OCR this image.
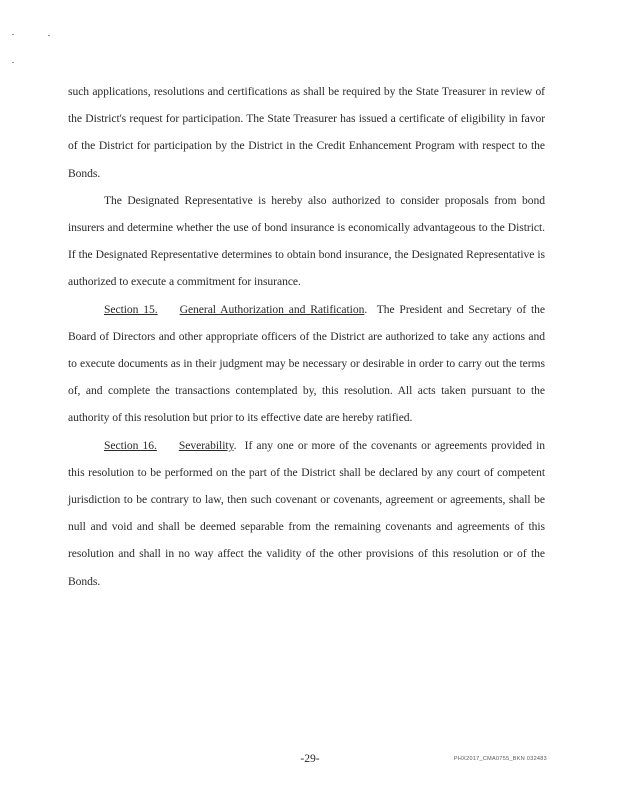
such applications, resolutions and certifications as shall be required by the State Treasurer in review of the District's request for participation. The State Treasurer has issued a certificate of eligibility in favor of the District for participation by the District in the Credit Enhancement Program with respect to the Bonds.

The Designated Representative is hereby also authorized to consider proposals from bond insurers and determine whether the use of bond insurance is economically advantageous to the District. If the Designated Representative determines to obtain bond insurance, the Designated Representative is authorized to execute a commitment for insurance.

Section 15. General Authorization and Ratification. The President and Secretary of the Board of Directors and other appropriate officers of the District are authorized to take any actions and to execute documents as in their judgment may be necessary or desirable in order to carry out the terms of, and complete the transactions contemplated by, this resolution. All acts taken pursuant to the authority of this resolution but prior to its effective date are hereby ratified.

Section 16. Severability. If any one or more of the covenants or agreements provided in this resolution to be performed on the part of the District shall be declared by any court of competent jurisdiction to be contrary to law, then such covenant or covenants, agreement or agreements, shall be null and void and shall be deemed separable from the remaining covenants and agreements of this resolution and shall in no way affect the validity of the other provisions of this resolution or of the Bonds.

-29-	PHX2017_CMA0755_BKN 032483
